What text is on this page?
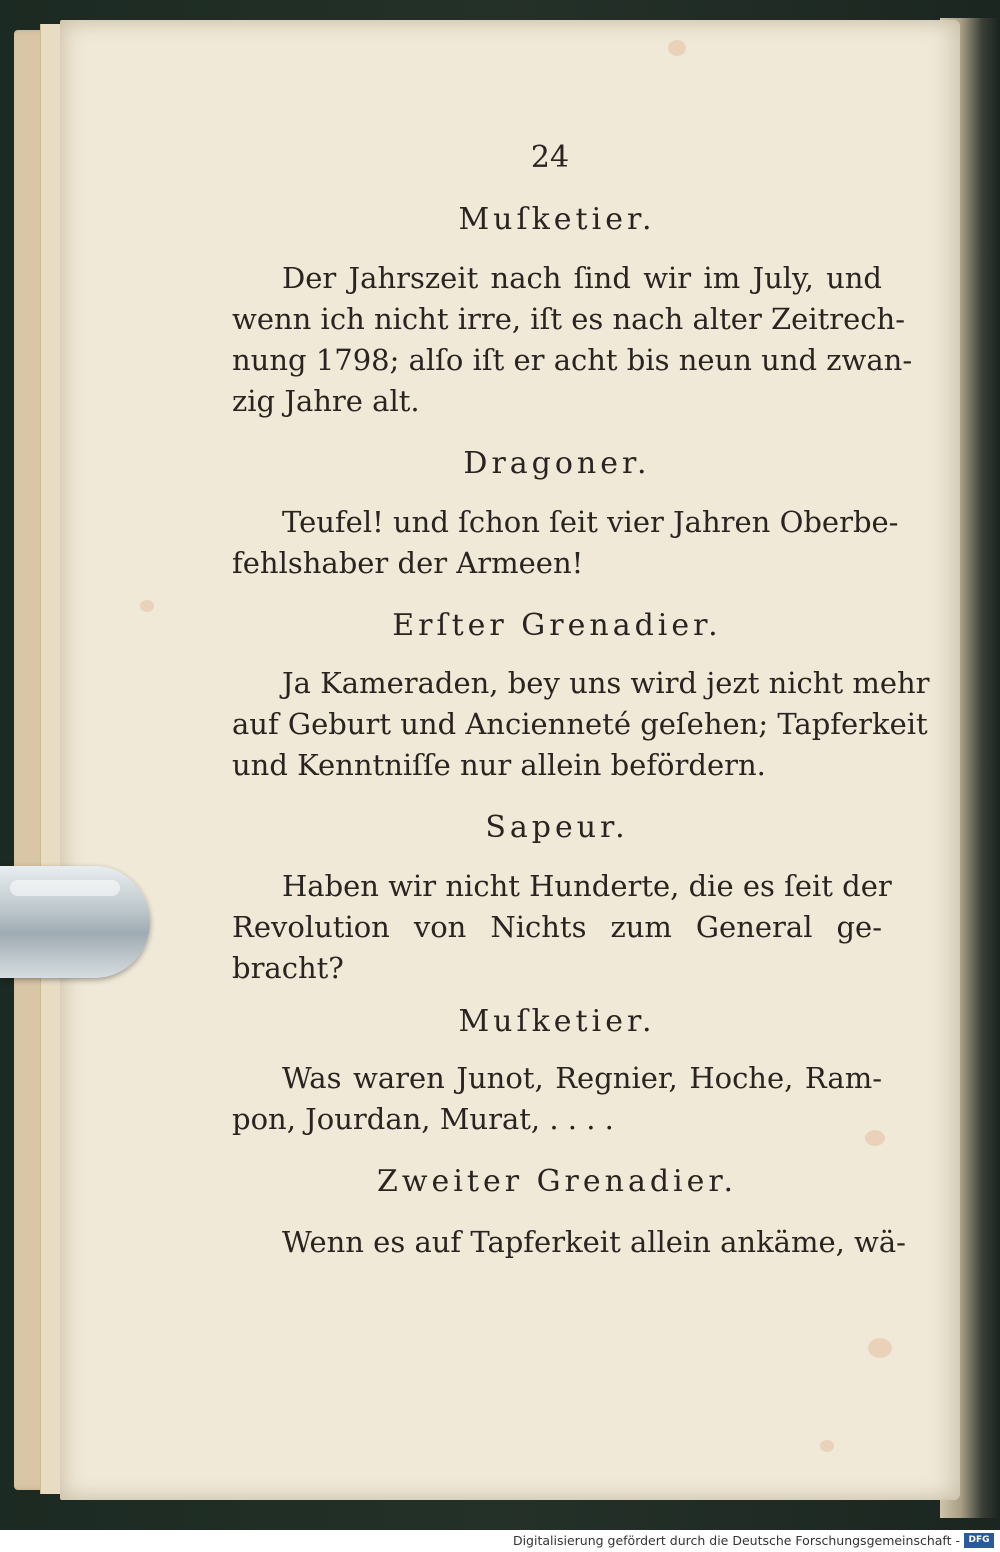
24
Muſketier.
Der Jahrszeit nach ſind wir im July, und
wenn ich nicht irre, iſt es nach alter Zeitrech-
nung 1798; alſo iſt er acht bis neun und zwan-
zig Jahre alt.
Dragoner.
Teufel! und ſchon ſeit vier Jahren Oberbe-
fehlshaber der Armeen!
Erſter Grenadier.
Ja Kameraden, bey uns wird jezt nicht mehr
auf Geburt und Ancienneté geſehen; Tapferkeit
und Kenntniſſe nur allein befördern.
Sapeur.
Haben wir nicht Hunderte, die es ſeit der
Revolution von Nichts zum General ge-
bracht?
Muſketier.
Was waren Junot, Regnier, Hoche, Ram-
pon, Jourdan, Murat, . . . .
Zweiter Grenadier.
Wenn es auf Tapferkeit allein ankäme, wä-
Digitalisierung gefördert durch die Deutsche Forschungsgemeinschaft - DFG
